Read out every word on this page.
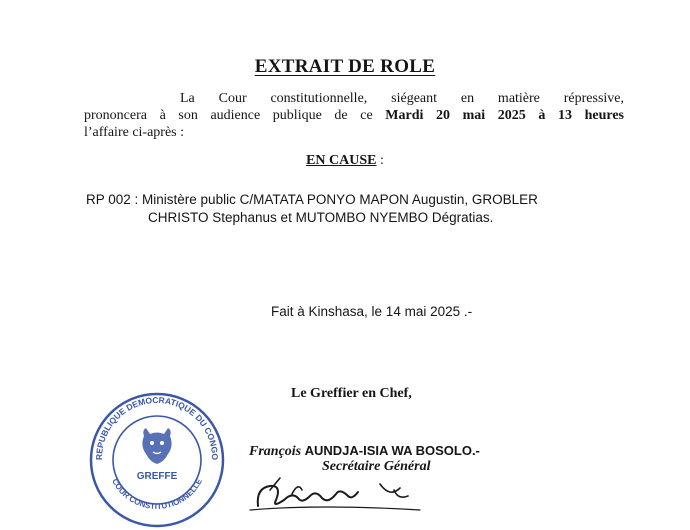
EXTRAIT DE ROLE
La Cour constitutionnelle, siégeant en matière répressive,
prononcera à son audience publique de ce Mardi 20 mai 2025 à 13 heures
l’affaire ci-après :
EN CAUSE :
RP 002 : Ministère public C/MATATA PONYO MAPON Augustin, GROBLER
CHRISTO Stephanus et MUTOMBO NYEMBO Dégratias.
Fait à Kinshasa, le 14 mai 2025 .-
Le Greffier en Chef,
François AUNDJA-ISIA WA BOSOLO.-
Secrétaire Général
REPUBLIQUE DEMOCRATIQUE DU CONGO
COUR CONSTITUTIONNELLE
GREFFE
